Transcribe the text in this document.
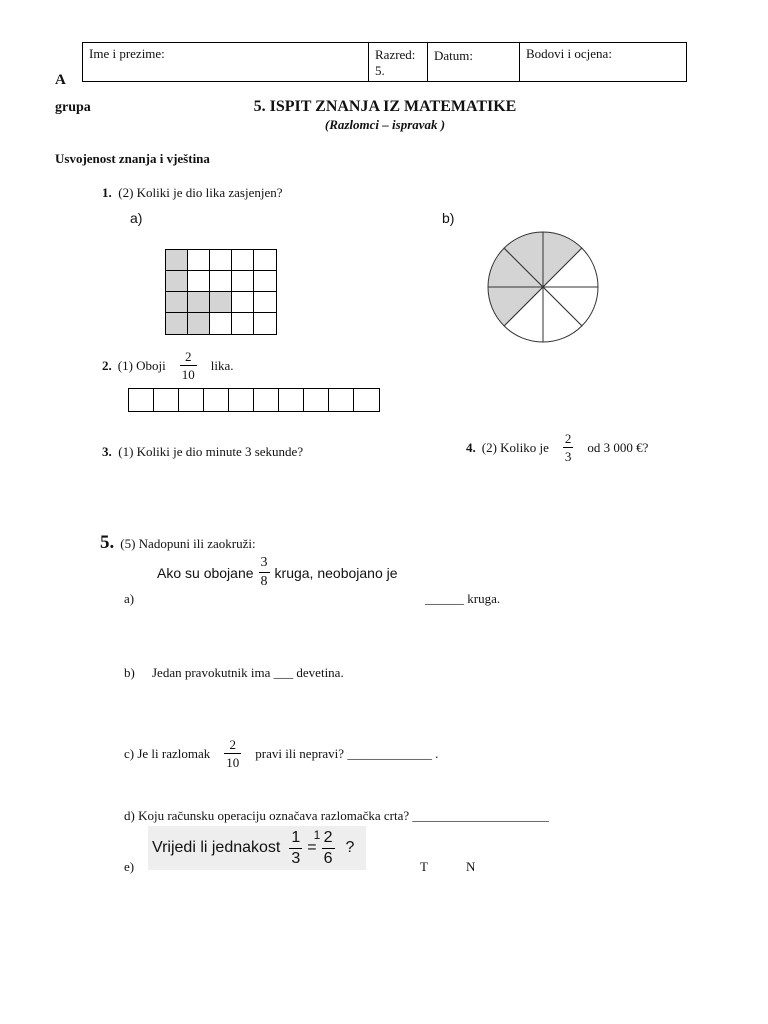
Ime i prezime:	Razred:
5.
Datum:	Bodovi i ocjena:
A
grupa	5. ISPIT ZNANJA IZ MATEMATIKE
(Razlomci – ispravak )
Usvojenost znanja i vještina
1. (2) Koliki je dio lika zasjenjen?
a)	b)
2. (1) Oboji $\frac{2}{10}$ lika.
3. (1) Koliki je dio minute 3 sekunde?	4. (2) Koliko je $\frac{2}{3}$ od 3 000 €?
5. (5) Nadopuni ili zaokruži:
Ako su obojane $\frac{3}{8}$ kruga, neobojano je
a)	______ kruga.
b) Jedan pravokutnik ima ___ devetina.
c) Je li razlomak $\frac{2}{10}$ pravi ili nepravi? _____________ .
d) Koju računsku operaciju označava razlomačka crta? _____________________
Vrijedi li jednakost $\frac{1}{3}$ =
$1 \frac{2}{6}$ ?
e)	T	N
